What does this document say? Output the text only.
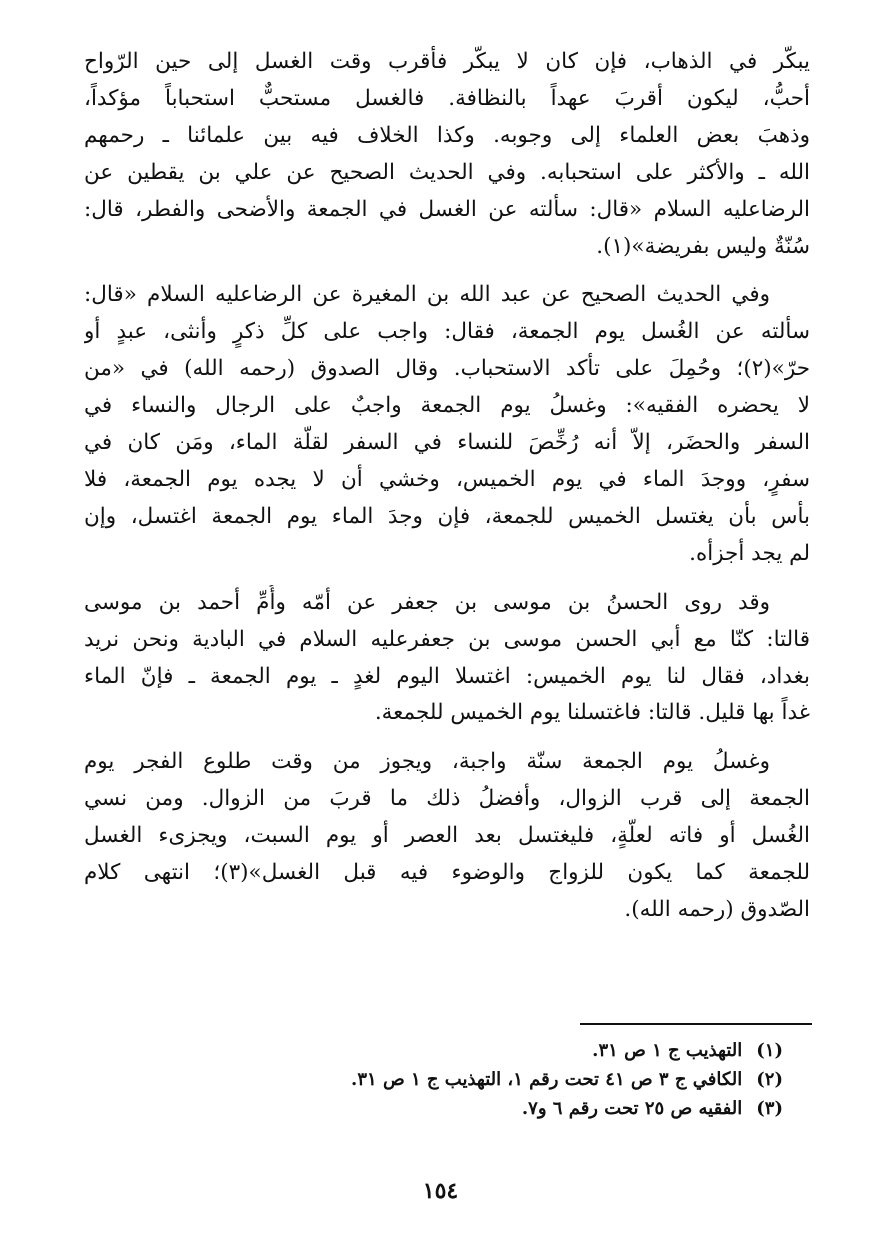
يبكّر في الذهاب، فإن كان لا يبكّر فأقرب وقت الغسل إلى حين الرّواح
أحبُّ، ليكون أقربَ عهداً بالنظافة. فالغسل مستحبٌّ استحباباً مؤكداً،
وذهبَ بعض العلماء إلى وجوبه. وكذا الخلاف فيه بين علمائنا ـ رحمهم
الله ـ والأكثر على استحبابه. وفي الحديث الصحيح عن علي بن يقطين عن
الرضاعليه السلام «قال: سألته عن الغسل في الجمعة والأضحى والفطر، قال:
سُنّةٌ وليس بفريضة»(١).
وفي الحديث الصحيح عن عبد الله بن المغيرة عن الرضاعليه السلام «قال:
سألته عن الغُسل يوم الجمعة، فقال: واجب على كلِّ ذكرٍ وأنثى، عبدٍ أو
حرّ»(٢)؛ وحُمِلَ على تأكد الاستحباب. وقال الصدوق (رحمه الله) في «من
لا يحضره الفقيه»: وغسلُ يوم الجمعة واجبٌ على الرجال والنساء في
السفر والحضَر، إلاّ أنه رُخِّصَ للنساء في السفر لقلّة الماء، ومَن كان في
سفرٍ، ووجدَ الماء في يوم الخميس، وخشي أن لا يجده يوم الجمعة، فلا
بأس بأن يغتسل الخميس للجمعة، فإن وجدَ الماء يوم الجمعة اغتسل، وإن
لم يجد أجزأه.
وقد روى الحسنُ بن موسى بن جعفر عن أمّه وأُمِّ أحمد بن موسى
قالتا: كنّا مع أبي الحسن موسى بن جعفرعليه السلام في البادية ونحن نريد
بغداد، فقال لنا يوم الخميس: اغتسلا اليوم لغدٍ ـ يوم الجمعة ـ فإنّ الماء
غداً بها قليل. قالتا: فاغتسلنا يوم الخميس للجمعة.
وغسلُ يوم الجمعة سنّة واجبة، ويجوز من وقت طلوع الفجر يوم
الجمعة إلى قرب الزوال، وأفضلُ ذلك ما قربَ من الزوال. ومن نسي
الغُسل أو فاته لعلّةٍ، فليغتسل بعد العصر أو يوم السبت، ويجزىء الغسل
للجمعة كما يكون للزواج والوضوء فيه قبل الغسل»(٣)؛ انتهى كلام
الصّدوق (رحمه الله).
(١)التهذيب ج ١ ص ٣١.
(٢)الكافي ج ٣ ص ٤١ تحت رقم ١، التهذيب ج ١ ص ٣١.
(٣)الفقيه ص ٢٥ تحت رقم ٦ و٧.
١٥٤
